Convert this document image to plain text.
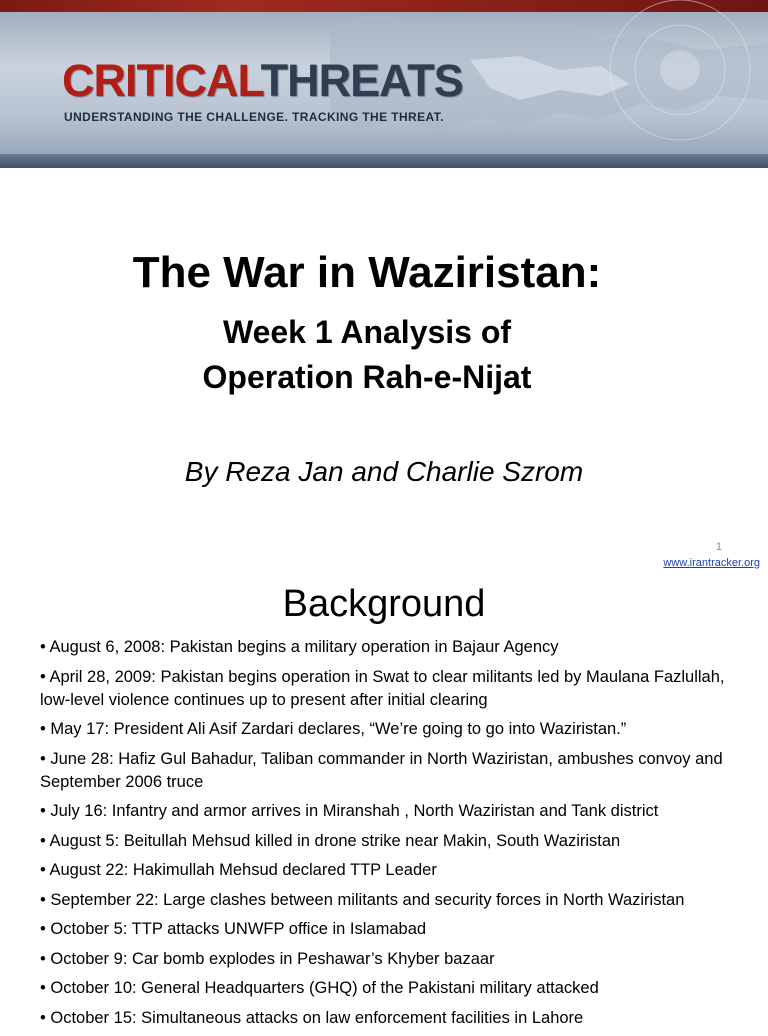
CRITICALTHREATS
UNDERSTANDING THE CHALLENGE. TRACKING THE THREAT.
The War in Waziristan:
Week 1 Analysis of
Operation Rah-e-Nijat
By Reza Jan and Charlie Szrom
1
www.irantracker.org
Background
• August 6, 2008: Pakistan begins a military operation in Bajaur Agency
• April 28, 2009: Pakistan begins operation in Swat to clear militants led by Maulana Fazlullah, low-level violence continues up to present after initial clearing
• May 17: President Ali Asif Zardari declares, “We’re going to go into Waziristan.”
• June 28: Hafiz Gul Bahadur, Taliban commander in North Waziristan, ambushes convoy and September 2006 truce
• July 16: Infantry and armor arrives in Miranshah , North Waziristan and Tank district
• August 5: Beitullah Mehsud killed in drone strike near Makin, South Waziristan
• August 22: Hakimullah Mehsud declared TTP Leader
• September 22: Large clashes between militants and security forces in North Waziristan
• October 5: TTP attacks UNWFP office in Islamabad
• October 9: Car bomb explodes in Peshawar’s Khyber bazaar
• October 10: General Headquarters (GHQ) of the Pakistani military attacked
• October 15: Simultaneous attacks on law enforcement facilities in Lahore
